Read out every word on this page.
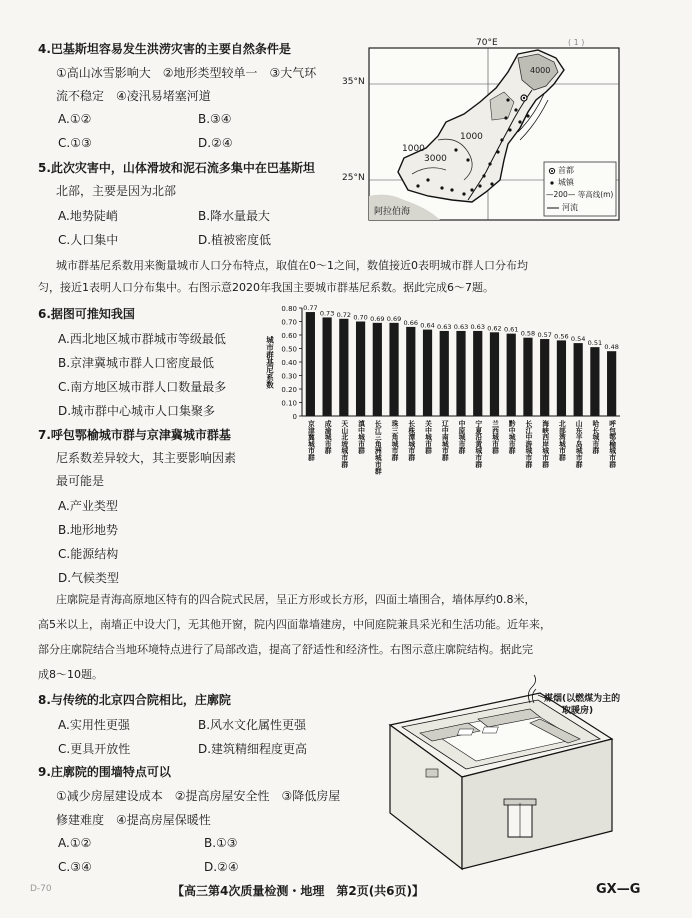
4.巴基斯坦容易发生洪涝灾害的主要自然条件是
①高山冰雪影响大　②地形类型较单一　③大气环
流不稳定　④凌汛易堵塞河道
A.①②	B.③④
C.①③	D.②④
70°E
35°N
25°N
阿拉伯海
1000
1000
3000
4000
首都
城镇
—200— 等高线(m)
河流
( 1 )
5.此次灾害中，山体滑坡和泥石流多集中在巴基斯坦
北部，主要是因为北部
A.地势陡峭	B.降水量最大
C.人口集中	D.植被密度低
城市群基尼系数用来衡量城市人口分布特点，取值在0～1之间，数值接近0表明城市群人口分布均
匀，接近1表明人口分布集中。右图示意2020年我国主要城市群基尼系数。据此完成6～7题。
6.据图可推知我国
A.西北地区城市群城市等级最低
B.京津冀城市群人口密度最低
C.南方地区城市群人口数量最多
D.城市群中心城市人口集聚多
7.呼包鄂榆城市群与京津冀城市群基
尼系数差异较大，其主要影响因素
最可能是
A.产业类型
B.地形地势
C.能源结构
D.气候类型
0
0.10
0.20
0.30
0.40
0.50
0.60
0.70
0.80
城市群基尼系数
0.77
京津冀城市群
0.73
成渝城市群
0.72
天山北坡城市群
0.70
滇中城市群
0.69
长江三角洲城市群
0.69
珠三角城市群
0.66
长株潭城市群
0.64
关中城市群
0.63
辽中南城市群
0.63
中原城市群
0.63
宁夏沿黄城市群
0.62
兰西城市群
0.61
黔中城市群
0.58
长江中游城市群
0.57
海峡西岸城市群
0.56
北部湾城市群
0.54
山东半岛城市群
0.51
哈长城市群
0.48
呼包鄂榆城市群
庄廓院是青海高原地区特有的四合院式民居，呈正方形或长方形，四面土墙围合，墙体厚约0.8米，
高5米以上，南墙正中设大门，无其他开窗，院内四面靠墙建房，中间庭院兼具采光和生活功能。近年来，
部分庄廓院结合当地环境特点进行了局部改造，提高了舒适性和经济性。右图示意庄廓院结构。据此完
成8～10题。
8.与传统的北京四合院相比，庄廓院
A.实用性更强	B.风水文化属性更强
C.更具开放性	D.建筑精细程度更高
煤烟(以燃煤为主的
取暖房)
9.庄廓院的围墙特点可以
①减少房屋建设成本　②提高房屋安全性　③降低房屋
修建难度　④提高房屋保暖性
A.①②	B.①③
C.③④	D.②④
D-70	【高三第4次质量检测・地理　第2页(共6页)】	GX—G
